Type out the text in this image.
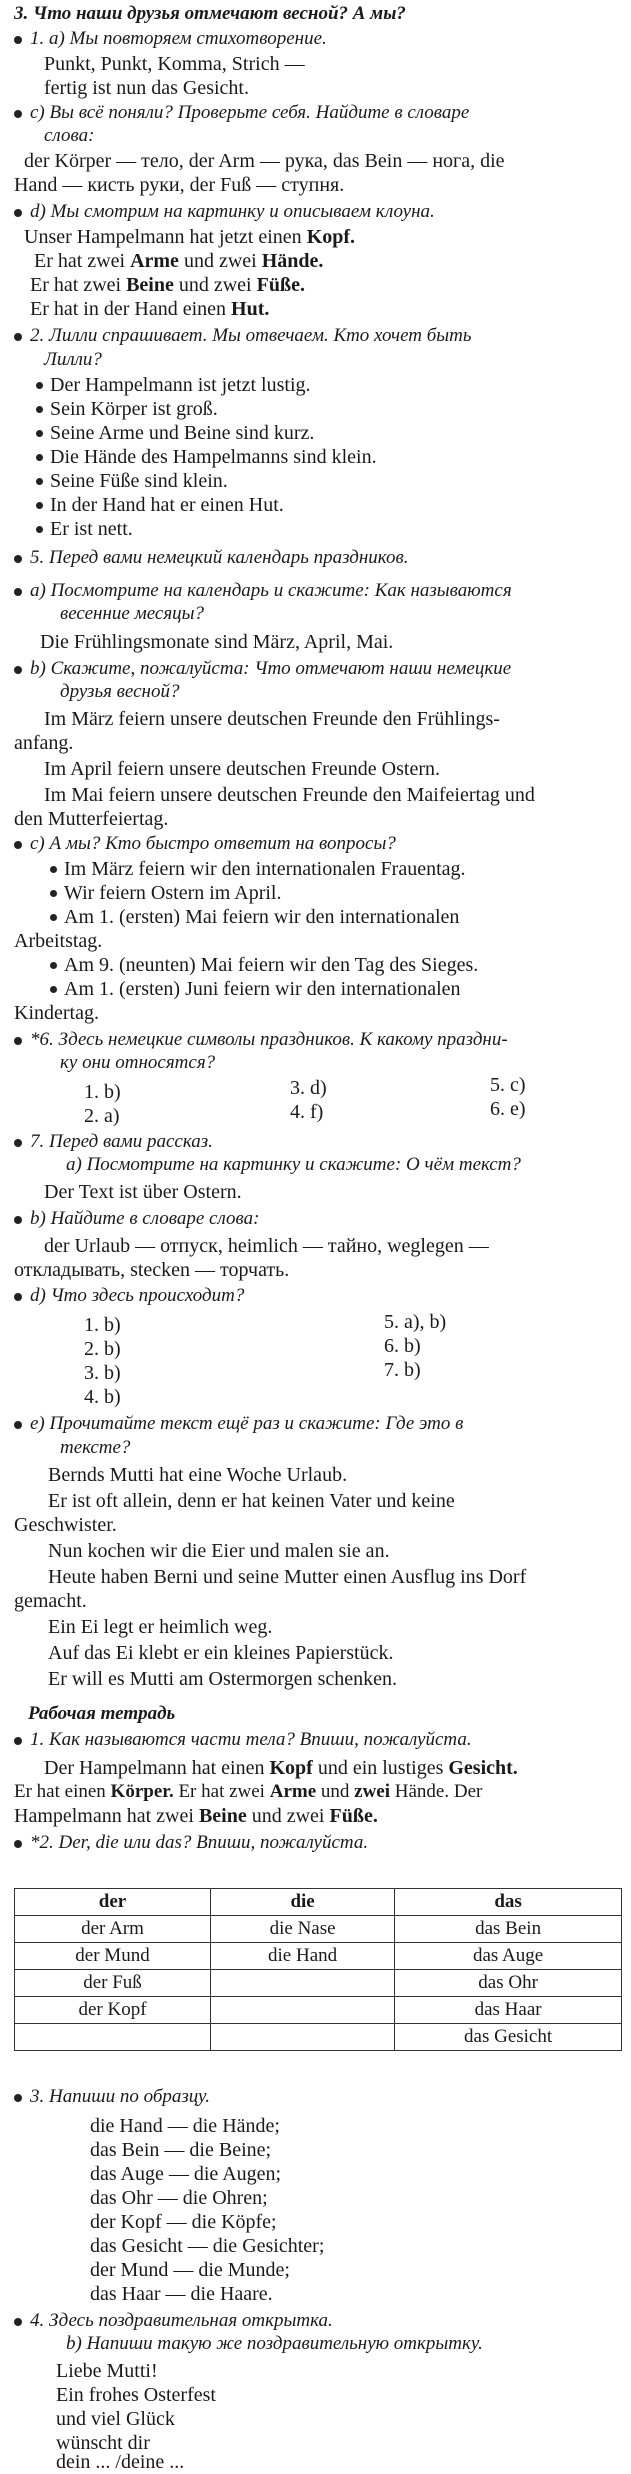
3. Что наши друзья отмечают весной? А мы?
1. a) Мы повторяем стихотворение.
Punkt, Punkt, Komma, Strich —
fertig ist nun das Gesicht.
c) Вы всё поняли? Проверьте себя. Найдите в словаре
слова:
der Körper — тело, der Arm — рука, das Bein — нога, die
Hand — кисть руки, der Fuß — ступня.
d) Мы смотрим на картинку и описываем клоуна.
Unser Hampelmann hat jetzt einen Kopf.
Er hat zwei Arme und zwei Hände.
Er hat zwei Beine und zwei Füße.
Er hat in der Hand einen Hut.
2. Лилли спрашивает. Мы отвечаем. Кто хочет быть
Лилли?
Der Hampelmann ist jetzt lustig.
Sein Körper ist groß.
Seine Arme und Beine sind kurz.
Die Hände des Hampelmanns sind klein.
Seine Füße sind klein.
In der Hand hat er einen Hut.
Er ist nett.
5. Перед вами немецкий календарь праздников.
a) Посмотрите на календарь и скажите: Как называются
весенние месяцы?
Die Frühlingsmonate sind März, April, Mai.
b) Скажите, пожалуйста: Что отмечают наши немецкие
друзья весной?
Im März feiern unsere deutschen Freunde den Frühlings-
anfang.
Im April feiern unsere deutschen Freunde Ostern.
Im Mai feiern unsere deutschen Freunde den Maifeiertag und
den Mutterfeiertag.
c) А мы? Кто быстро ответит на вопросы?
Im März feiern wir den internationalen Frauentag.
Wir feiern Ostern im April.
Am 1. (ersten) Mai feiern wir den internationalen
Arbeitstag.
Am 9. (neunten) Mai feiern wir den Tag des Sieges.
Am 1. (ersten) Juni feiern wir den internationalen
Kindertag.
*6. Здесь немецкие символы праздников. К какому праздни-
ку они относятся?
1. b)	3. d)	5. c)
2. a)	4. f)	6. e)
7. Перед вами рассказ.
a) Посмотрите на картинку и скажите: О чём текст?
Der Text ist über Ostern.
b) Найдите в словаре слова:
der Urlaub — отпуск, heimlich — тайно, weglegen —
откладывать, stecken — торчать.
d) Что здесь происходит?
1. b)	5. a), b)
2. b)	6. b)
3. b)	7. b)
4. b)
e) Прочитайте текст ещё раз и скажите: Где это в
тексте?
Bernds Mutti hat eine Woche Urlaub.
Er ist oft allein, denn er hat keinen Vater und keine
Geschwister.
Nun kochen wir die Eier und malen sie an.
Heute haben Berni und seine Mutter einen Ausflug ins Dorf
gemacht.
Ein Ei legt er heimlich weg.
Auf das Ei klebt er ein kleines Papierstück.
Er will es Mutti am Ostermorgen schenken.
Рабочая тетрадь
1. Как называются части тела? Впиши, пожалуйста.
Der Hampelmann hat einen Kopf und ein lustiges Gesicht.
Er hat einen Körper. Er hat zwei Arme und zwei Hände. Der
Hampelmann hat zwei Beine und zwei Füße.
*2. Der, die или das? Впиши, пожалуйста.
der	die	das
der Arm	die Nase	das Bein
der Mund	die Hand	das Auge
der Fuß		das Ohr
der Kopf		das Haar
		das Gesicht
3. Напиши по образцу.
die Hand — die Hände;
das Bein — die Beine;
das Auge — die Augen;
das Ohr — die Ohren;
der Kopf — die Köpfe;
das Gesicht — die Gesichter;
der Mund — die Munde;
das Haar — die Haare.
4. Здесь поздравительная открытка.
b) Напиши такую же поздравительную открытку.
Liebe Mutti!
Ein frohes Osterfest
und viel Glück
wünscht dir
dein ... /deine ...
